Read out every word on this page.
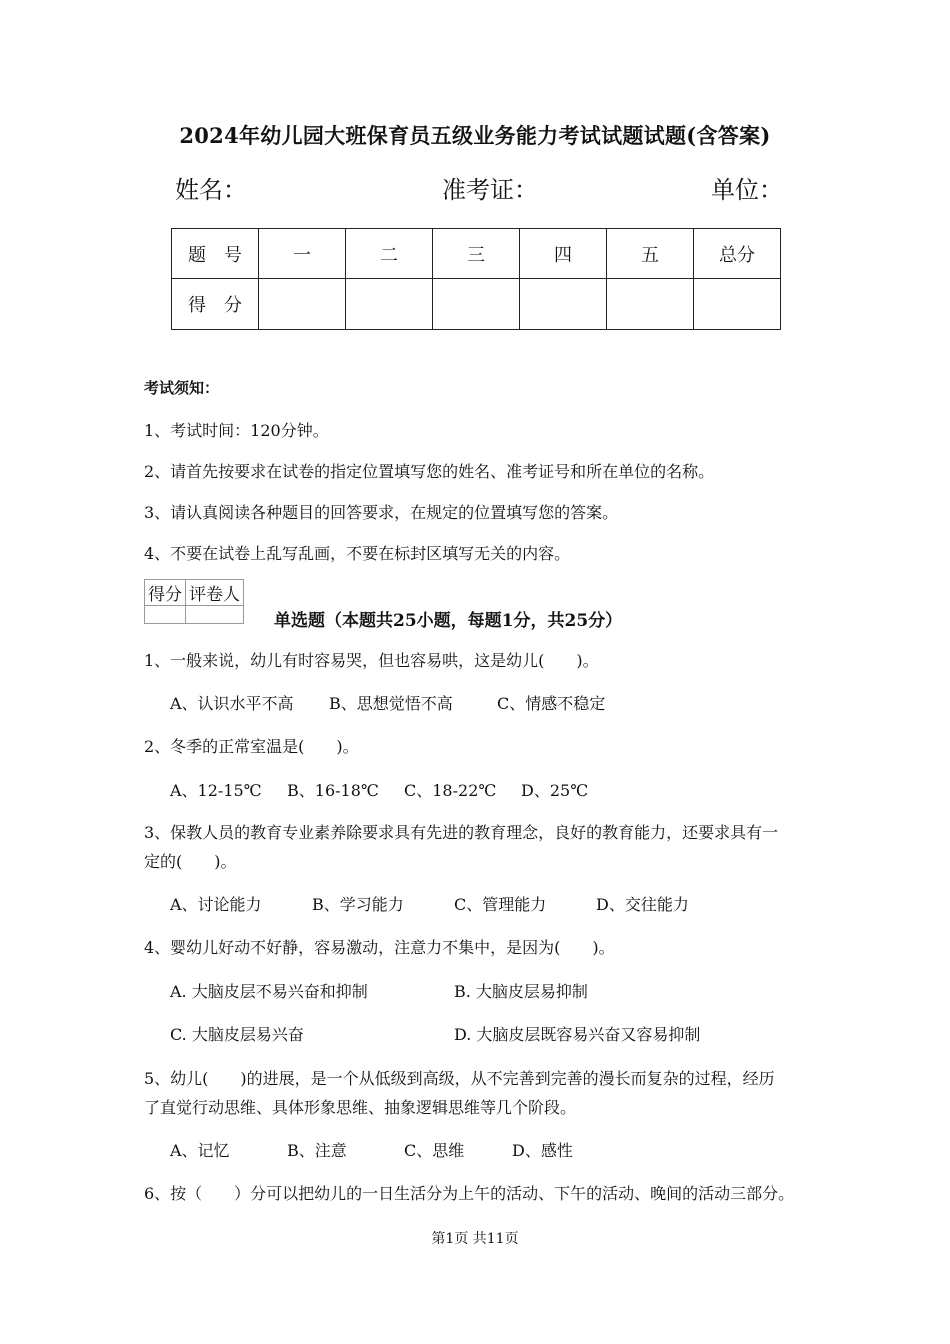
2024年幼儿园大班保育员五级业务能力考试试题试题(含答案)
姓名：	准考证：	单位：
题　号	一	二	三	四	五	总分
得　分						
考试须知：
1、考试时间：120分钟。
2、请首先按要求在试卷的指定位置填写您的姓名、准考证号和所在单位的名称。
3、请认真阅读各种题目的回答要求，在规定的位置填写您的答案。
4、不要在试卷上乱写乱画，不要在标封区填写无关的内容。
得分	评卷人

单选题（本题共25小题，每题1分，共25分）
1、一般来说，幼儿有时容易哭，但也容易哄，这是幼儿(　　)。
A、认识水平不高 B、思想觉悟不高	C、情感不稳定
2、冬季的正常室温是(　　)。
A、12-15℃ B、16-18℃ C、18-22℃ D、25℃
3、保教人员的教育专业素养除要求具有先进的教育理念，良好的教育能力，还要求具有一
定的(　　)。
A、讨论能力	B、学习能力	C、管理能力	D、交往能力
4、婴幼儿好动不好静，容易激动，注意力不集中，是因为(　　)。
A. 大脑皮层不易兴奋和抑制	B. 大脑皮层易抑制
C. 大脑皮层易兴奋	D. 大脑皮层既容易兴奋又容易抑制
5、幼儿(　　)的进展，是一个从低级到高级，从不完善到完善的漫长而复杂的过程，经历
了直觉行动思维、具体形象思维、抽象逻辑思维等几个阶段。
A、记忆	B、注意	C、思维	D、感性
6、按（　　）分可以把幼儿的一日生活分为上午的活动、下午的活动、晚间的活动三部分。
第1页 共11页
